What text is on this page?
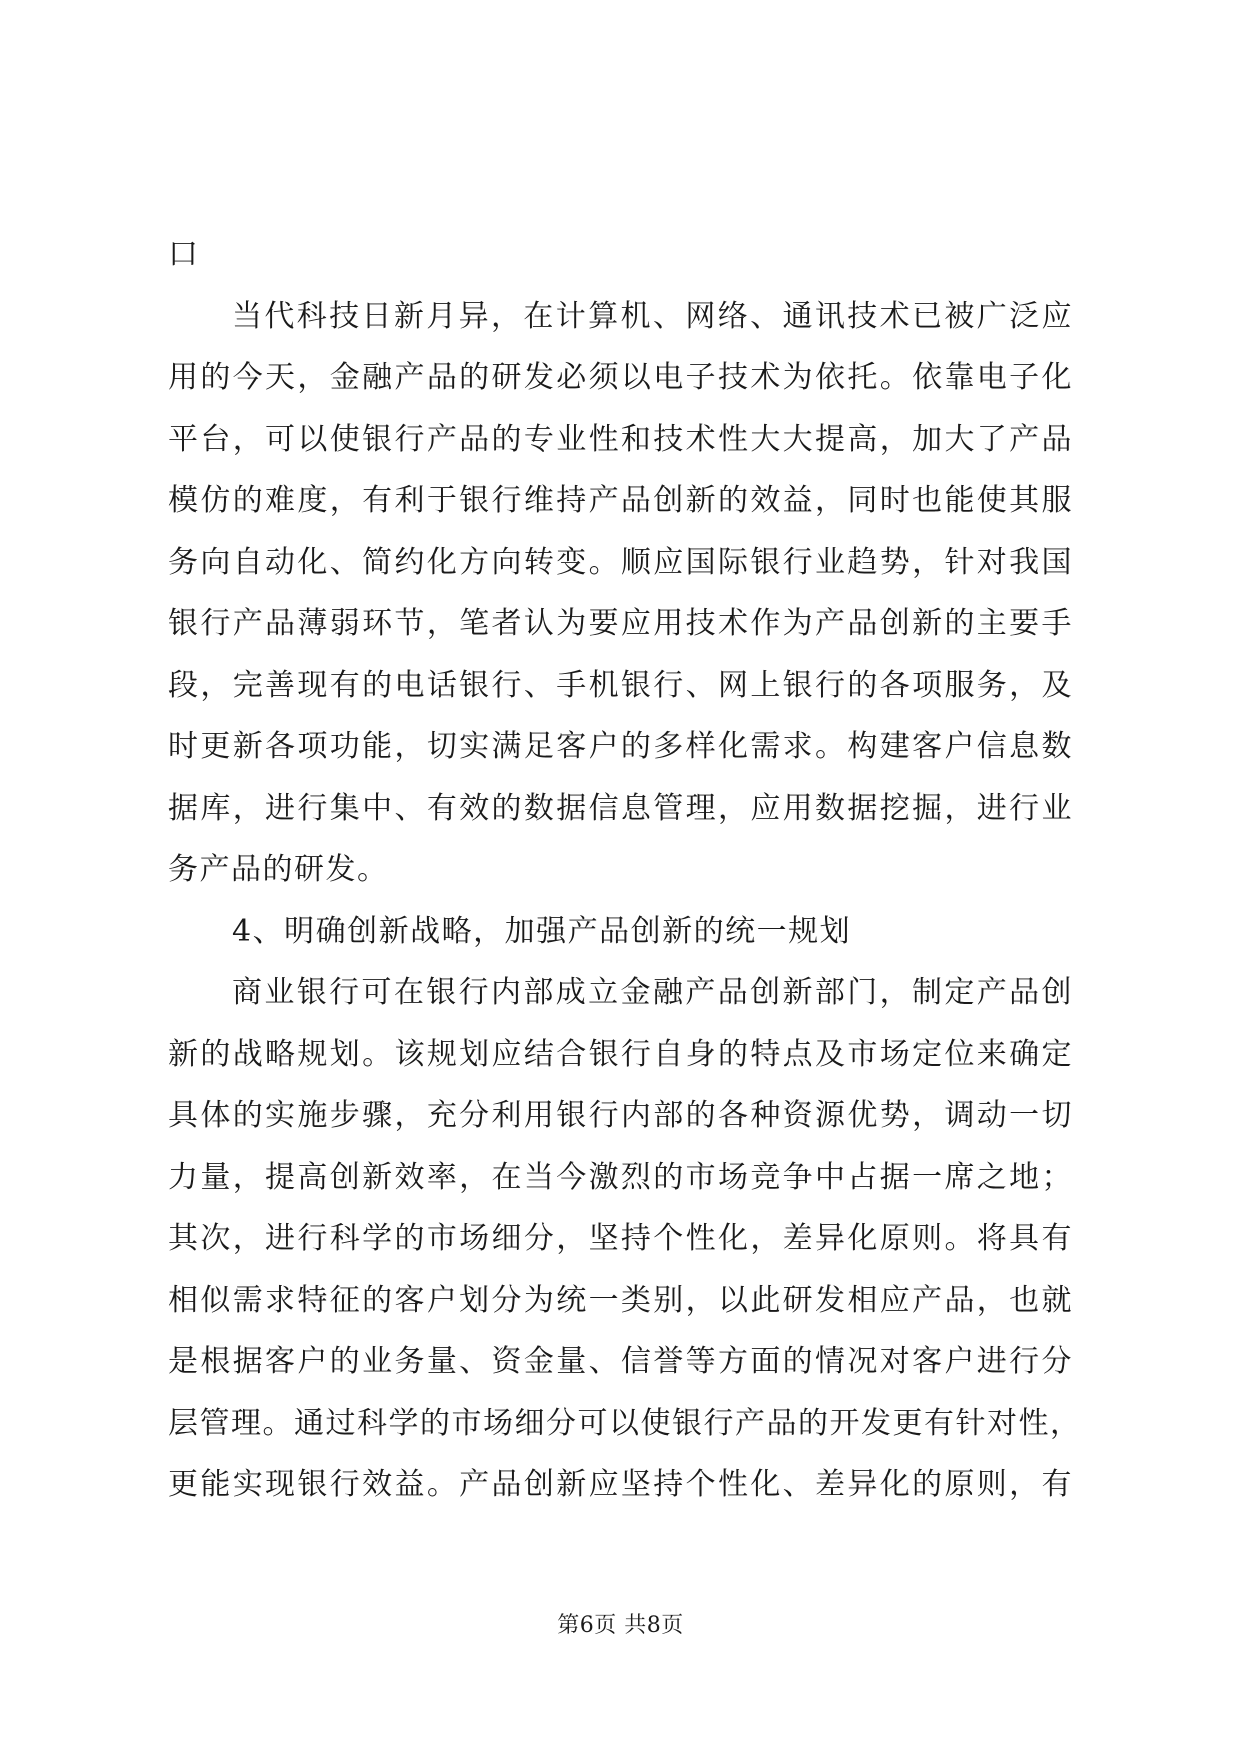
口
当代科技日新月异，在计算机、网络、通讯技术已被广泛应
用的今天，金融产品的研发必须以电子技术为依托。依靠电子化
平台，可以使银行产品的专业性和技术性大大提高，加大了产品
模仿的难度，有利于银行维持产品创新的效益，同时也能使其服
务向自动化、简约化方向转变。顺应国际银行业趋势，针对我国
银行产品薄弱环节，笔者认为要应用技术作为产品创新的主要手
段，完善现有的电话银行、手机银行、网上银行的各项服务，及
时更新各项功能，切实满足客户的多样化需求。构建客户信息数
据库，进行集中、有效的数据信息管理，应用数据挖掘，进行业
务产品的研发。
4、明确创新战略，加强产品创新的统一规划
商业银行可在银行内部成立金融产品创新部门，制定产品创
新的战略规划。该规划应结合银行自身的特点及市场定位来确定
具体的实施步骤，充分利用银行内部的各种资源优势，调动一切
力量，提高创新效率，在当今激烈的市场竞争中占据一席之地；
其次，进行科学的市场细分，坚持个性化，差异化原则。将具有
相似需求特征的客户划分为统一类别，以此研发相应产品，也就
是根据客户的业务量、资金量、信誉等方面的情况对客户进行分
层管理。通过科学的市场细分可以使银行产品的开发更有针对性，
更能实现银行效益。产品创新应坚持个性化、差异化的原则，有
第6页 共8页
